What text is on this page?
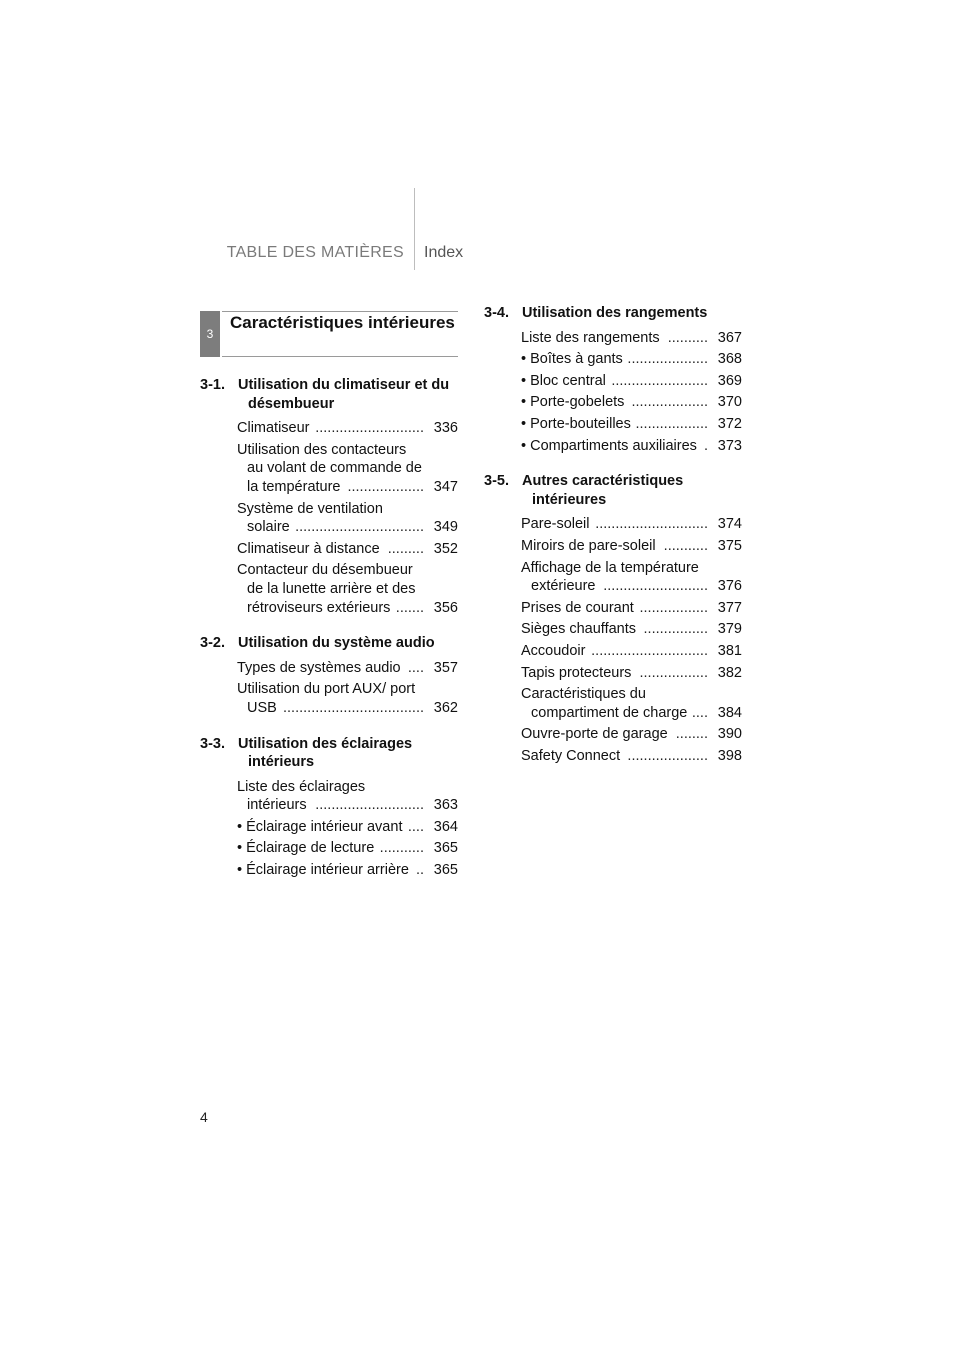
TABLE DES MATIÈRES Index
3
Caractéristiques intérieures
3-1. Utilisation du climatiseur et du désembueur
Climatiseur ........................... 336
Utilisation des contacteurs au volant de commande de la température ................... 347
Système de ventilation solaire ................................ 349
Climatiseur à distance ......... 352
Contacteur du désembueur de la lunette arrière et des rétroviseurs extérieurs ....... 356
3-2. Utilisation du système audio
Types de systèmes audio .... 357
Utilisation du port AUX/ port USB ................................... 362
3-3. Utilisation des éclairages intérieurs
Liste des éclairages intérieurs ........................... 363
• Éclairage intérieur avant .... 364
• Éclairage de lecture ........... 365
• Éclairage intérieur arrière .. 365
3-4. Utilisation des rangements
Liste des rangements .......... 367
• Boîtes à gants .................... 368
• Bloc central ........................ 369
• Porte-gobelets ................... 370
• Porte-bouteilles .................. 372
• Compartiments auxiliaires . 373
3-5. Autres caractéristiques intérieures
Pare-soleil ............................ 374
Miroirs de pare-soleil ........... 375
Affichage de la température extérieure .......................... 376
Prises de courant ................. 377
Sièges chauffants ................ 379
Accoudoir ............................. 381
Tapis protecteurs ................. 382
Caractéristiques du compartiment de charge .... 384
Ouvre-porte de garage ........ 390
Safety Connect .................... 398
4
